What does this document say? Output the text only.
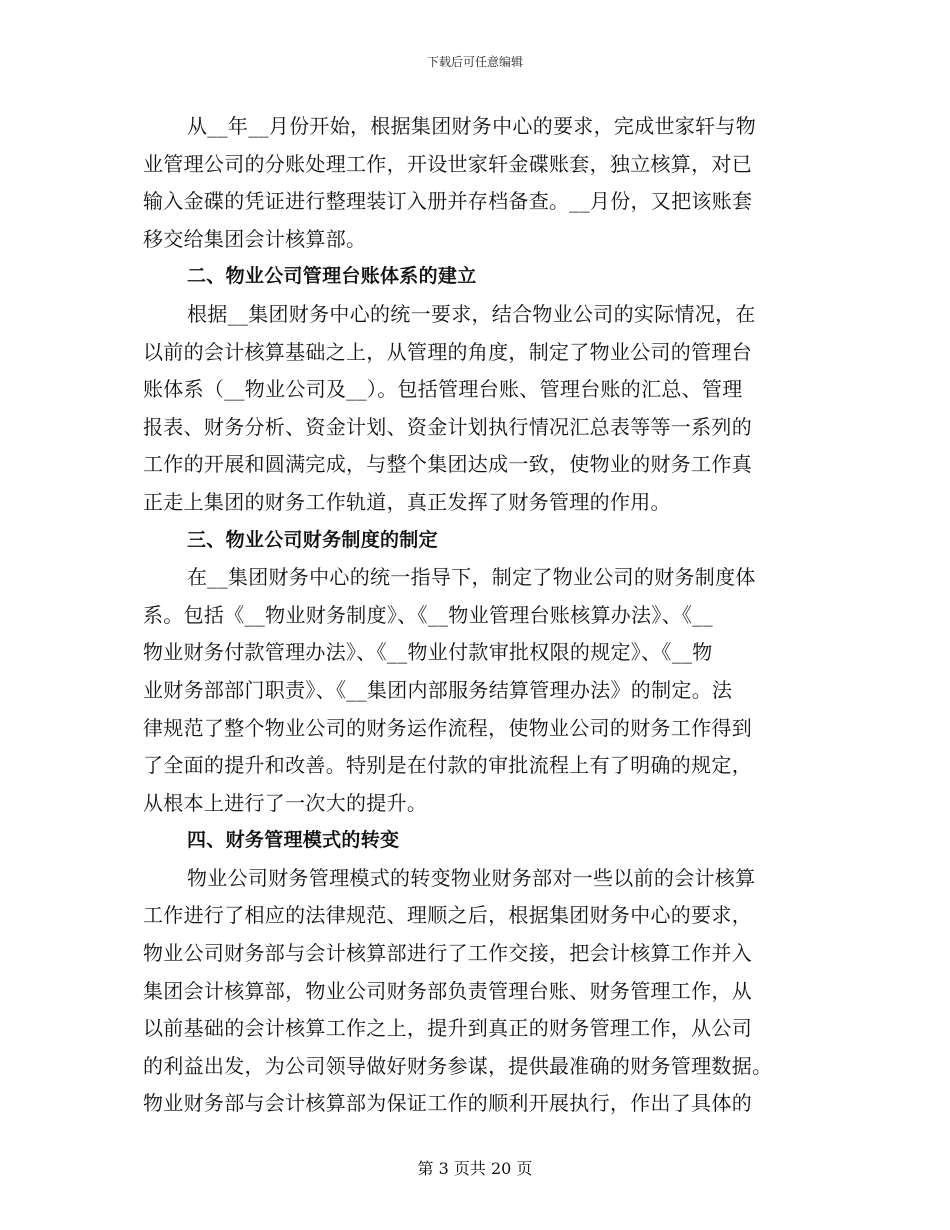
下载后可任意编辑
从__年__月份开始，根据集团财务中心的要求，完成世家轩与物
业管理公司的分账处理工作，开设世家轩金碟账套，独立核算，对已
输入金碟的凭证进行整理装订入册并存档备查。__月份，又把该账套
移交给集团会计核算部。
二、物业公司管理台账体系的建立
根据__集团财务中心的统一要求，结合物业公司的实际情况，在
以前的会计核算基础之上，从管理的角度，制定了物业公司的管理台
账体系（__物业公司及__）。包括管理台账、管理台账的汇总、管理
报表、财务分析、资金计划、资金计划执行情况汇总表等等一系列的
工作的开展和圆满完成，与整个集团达成一致，使物业的财务工作真
正走上集团的财务工作轨道，真正发挥了财务管理的作用。
三、物业公司财务制度的制定
在__集团财务中心的统一指导下，制定了物业公司的财务制度体
系。包括《__物业财务制度》、《__物业管理台账核算办法》、《__
物业财务付款管理办法》、《__物业付款审批权限的规定》、《__物
业财务部部门职责》、《__集团内部服务结算管理办法》的制定。法
律规范了整个物业公司的财务运作流程，使物业公司的财务工作得到
了全面的提升和改善。特别是在付款的审批流程上有了明确的规定，
从根本上进行了一次大的提升。
四、财务管理模式的转变
物业公司财务管理模式的转变物业财务部对一些以前的会计核算
工作进行了相应的法律规范、理顺之后，根据集团财务中心的要求，
物业公司财务部与会计核算部进行了工作交接，把会计核算工作并入
集团会计核算部，物业公司财务部负责管理台账、财务管理工作，从
以前基础的会计核算工作之上，提升到真正的财务管理工作，从公司
的利益出发，为公司领导做好财务参谋，提供最准确的财务管理数据。
物业财务部与会计核算部为保证工作的顺利开展执行，作出了具体的
第 3 页共 20 页
